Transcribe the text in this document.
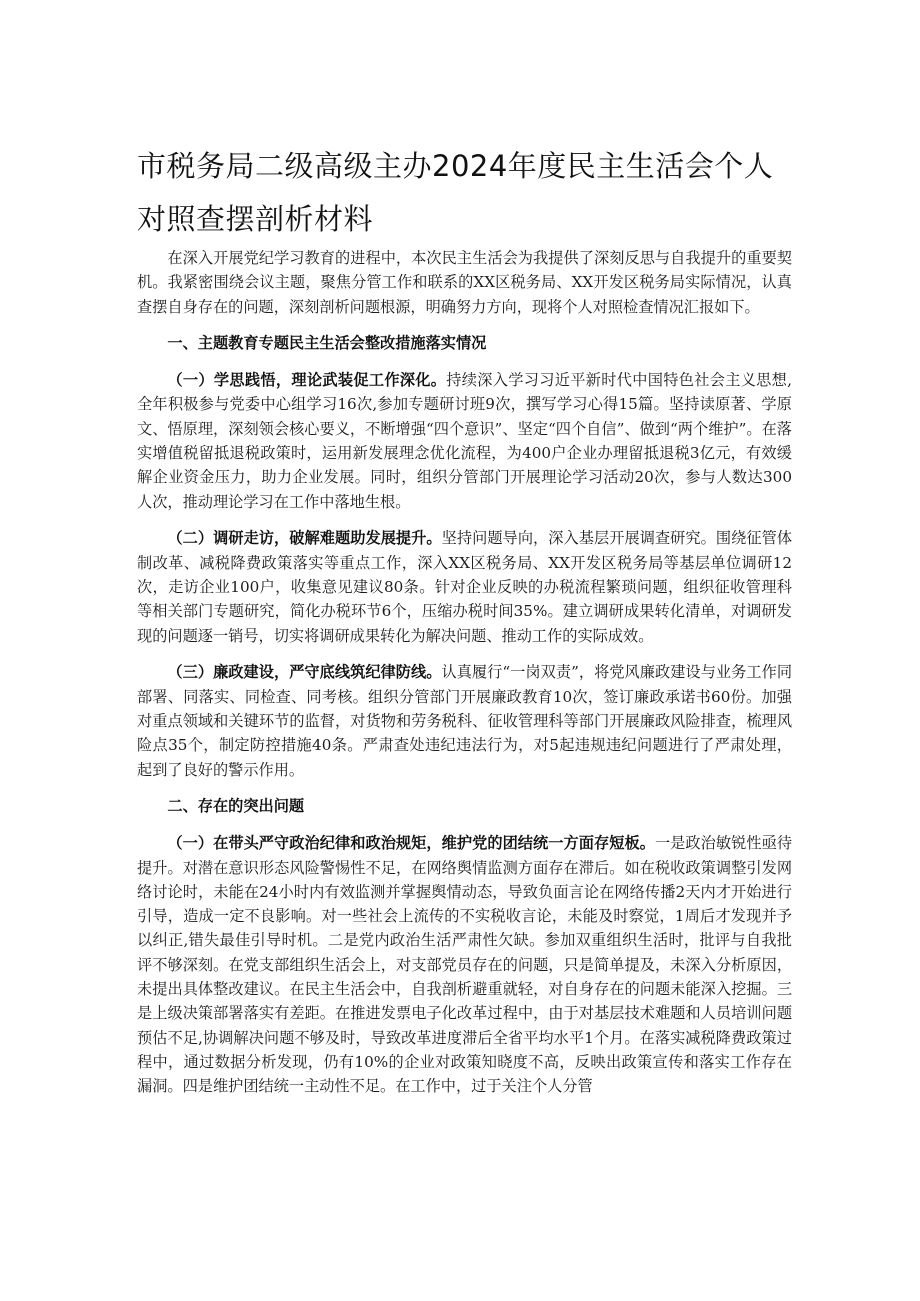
市税务局二级高级主办2024年度民主生活会个人对照查摆剖析材料

在深入开展党纪学习教育的进程中，本次民主生活会为我提供了深刻反思与自我提升的重要契机。我紧密围绕会议主题，聚焦分管工作和联系的XX区税务局、XX开发区税务局实际情况，认真查摆自身存在的问题，深刻剖析问题根源，明确努力方向，现将个人对照检查情况汇报如下。

一、主题教育专题民主生活会整改措施落实情况

（一）学思践悟，理论武装促工作深化。持续深入学习习近平新时代中国特色社会主义思想,全年积极参与党委中心组学习16次,参加专题研讨班9次，撰写学习心得15篇。坚持读原著、学原文、悟原理，深刻领会核心要义，不断增强“四个意识”、坚定“四个自信”、做到“两个维护”。在落实增值税留抵退税政策时，运用新发展理念优化流程，为400户企业办理留抵退税3亿元，有效缓解企业资金压力，助力企业发展。同时，组织分管部门开展理论学习活动20次，参与人数达300人次，推动理论学习在工作中落地生根。

（二）调研走访，破解难题助发展提升。坚持问题导向，深入基层开展调查研究。围绕征管体制改革、减税降费政策落实等重点工作，深入XX区税务局、XX开发区税务局等基层单位调研12次，走访企业100户，收集意见建议80条。针对企业反映的办税流程繁琐问题，组织征收管理科等相关部门专题研究，简化办税环节6个，压缩办税时间35%。建立调研成果转化清单，对调研发现的问题逐一销号，切实将调研成果转化为解决问题、推动工作的实际成效。

（三）廉政建设，严守底线筑纪律防线。认真履行“一岗双责”，将党风廉政建设与业务工作同部署、同落实、同检查、同考核。组织分管部门开展廉政教育10次，签订廉政承诺书60份。加强对重点领域和关键环节的监督，对货物和劳务税科、征收管理科等部门开展廉政风险排查，梳理风险点35个，制定防控措施40条。严肃查处违纪违法行为，对5起违规违纪问题进行了严肃处理，起到了良好的警示作用。

二、存在的突出问题

（一）在带头严守政治纪律和政治规矩，维护党的团结统一方面存短板。一是政治敏锐性亟待提升。对潜在意识形态风险警惕性不足，在网络舆情监测方面存在滞后。如在税收政策调整引发网络讨论时，未能在24小时内有效监测并掌握舆情动态，导致负面言论在网络传播2天内才开始进行引导，造成一定不良影响。对一些社会上流传的不实税收言论，未能及时察觉，1周后才发现并予以纠正,错失最佳引导时机。二是党内政治生活严肃性欠缺。参加双重组织生活时，批评与自我批评不够深刻。在党支部组织生活会上，对支部党员存在的问题，只是简单提及，未深入分析原因，未提出具体整改建议。在民主生活会中，自我剖析避重就轻，对自身存在的问题未能深入挖掘。三是上级决策部署落实有差距。在推进发票电子化改革过程中，由于对基层技术难题和人员培训问题预估不足,协调解决问题不够及时，导致改革进度滞后全省平均水平1个月。在落实减税降费政策过程中，通过数据分析发现，仍有10%的企业对政策知晓度不高，反映出政策宣传和落实工作存在漏洞。四是维护团结统一主动性不足。在工作中，过于关注个人分管
